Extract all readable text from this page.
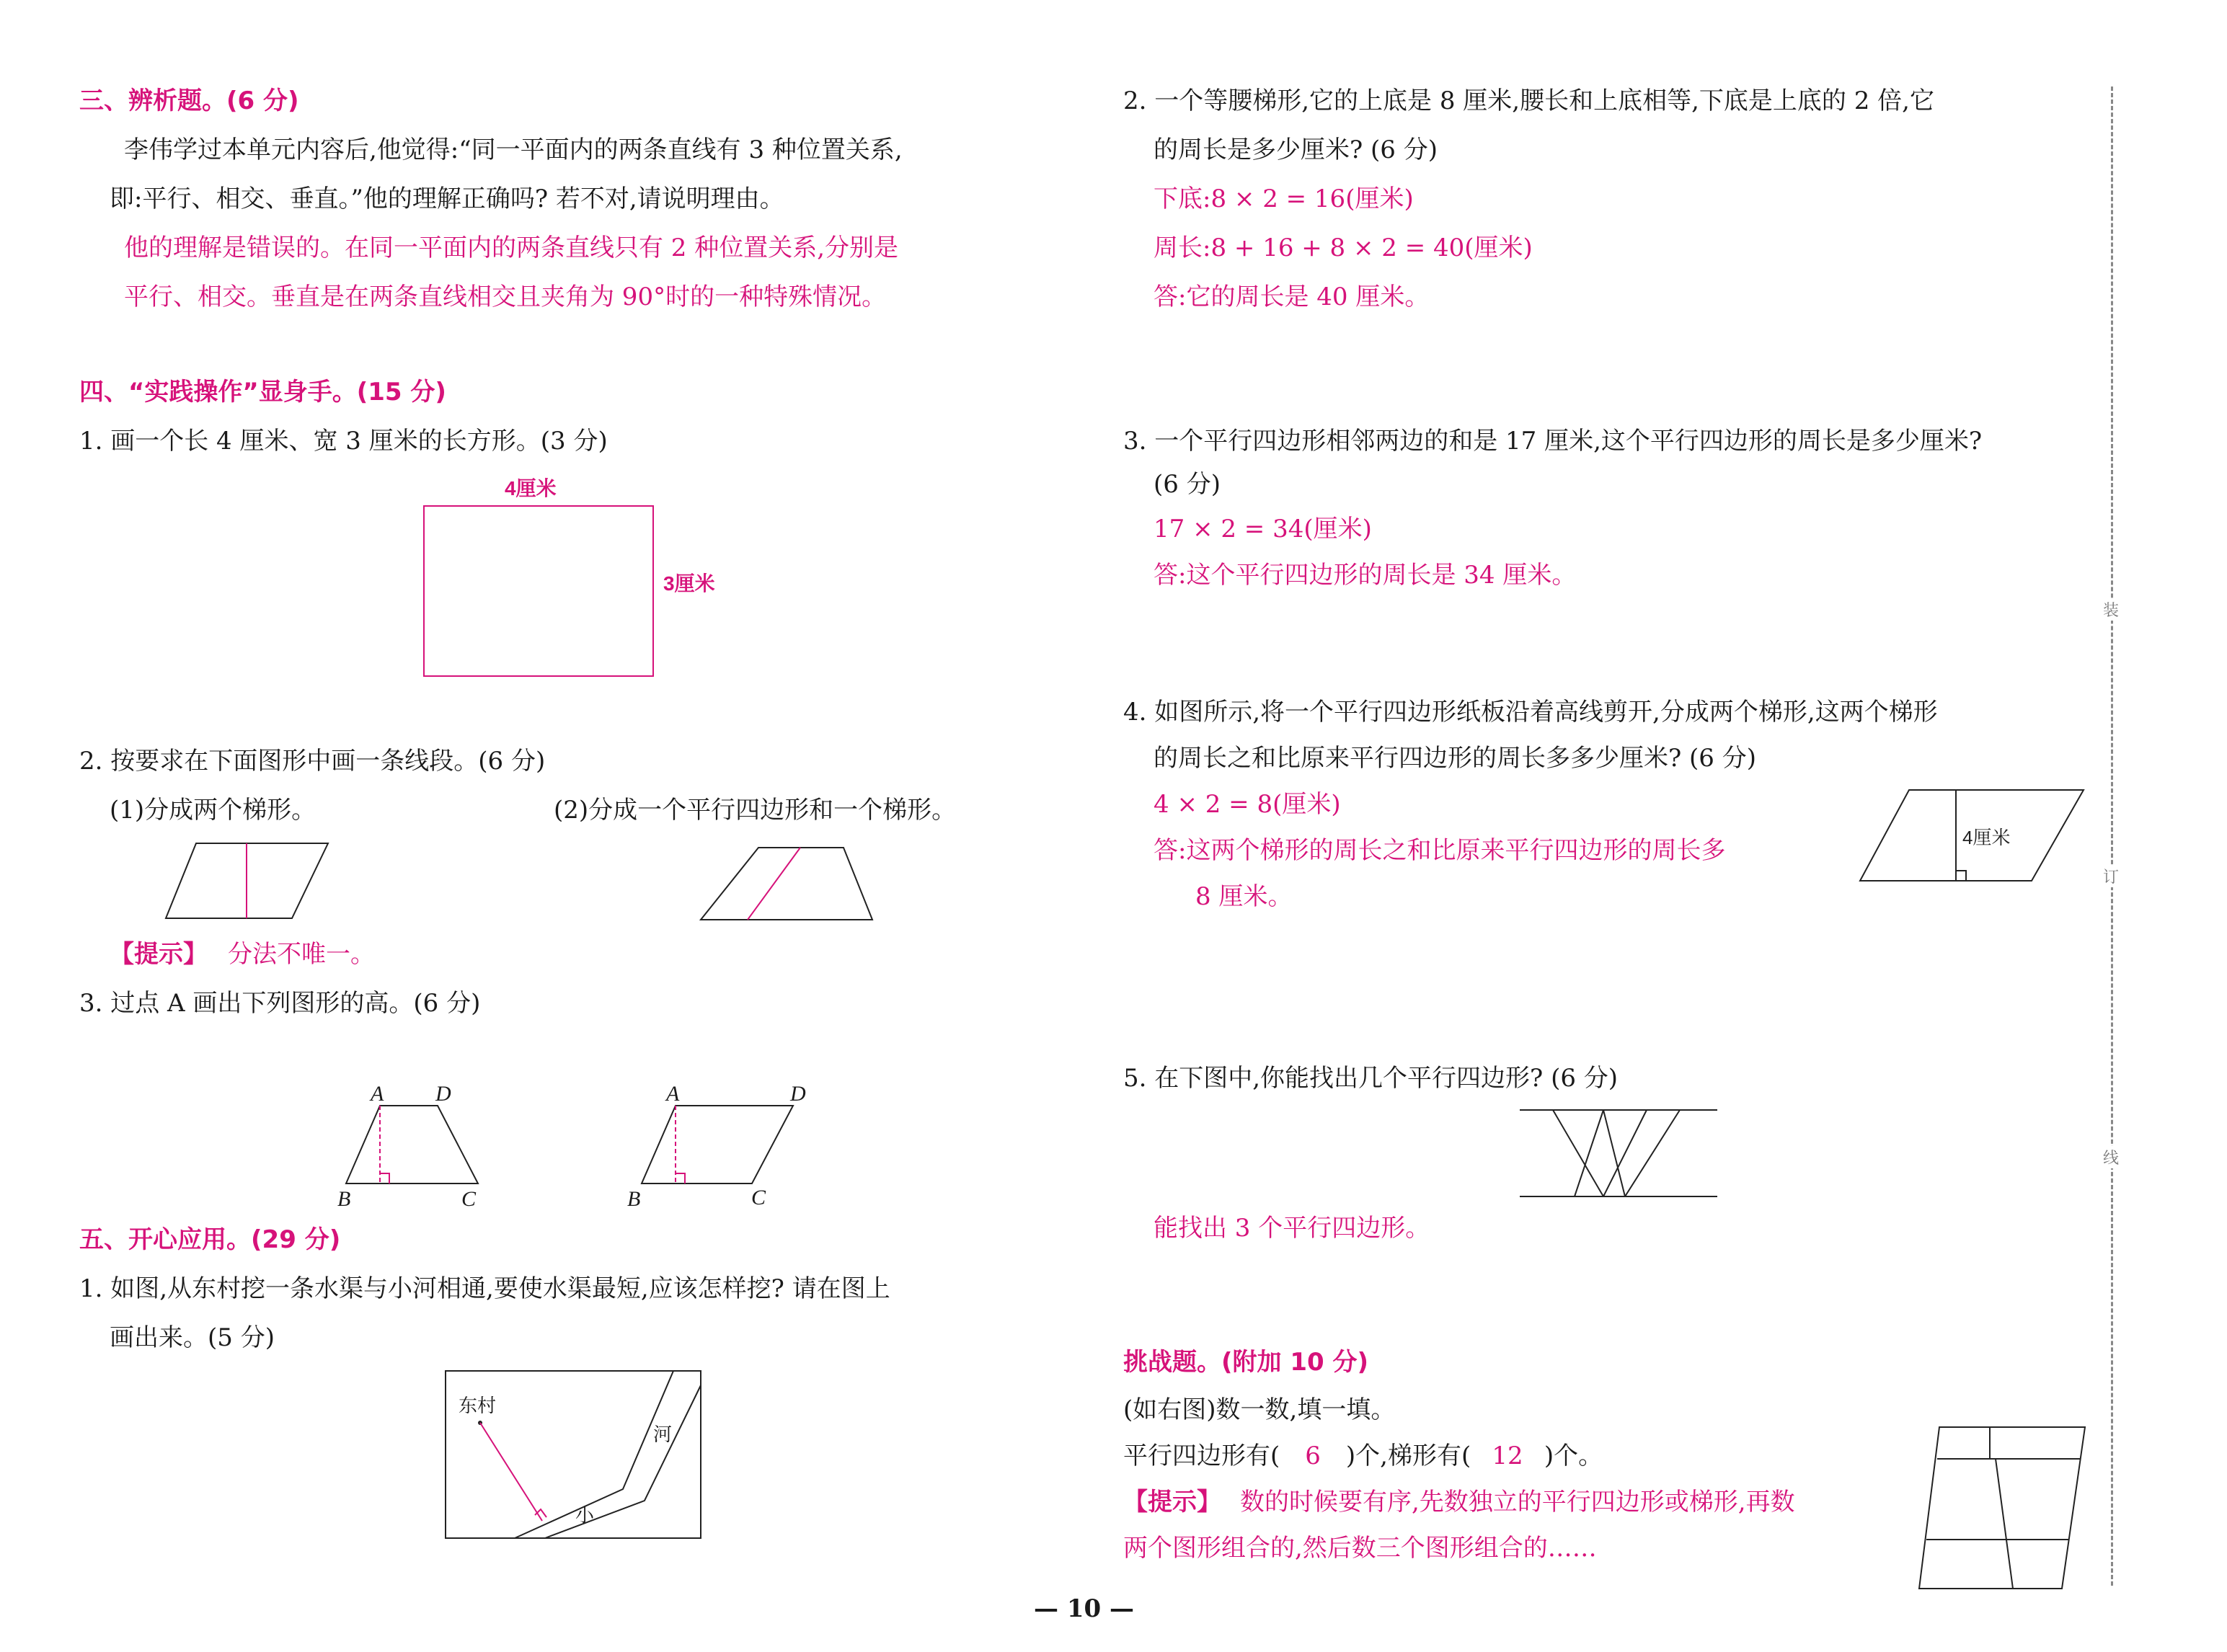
三、辨析题。(6 分)
李伟学过本单元内容后,他觉得:“同一平面内的两条直线有 3 种位置关系,
即:平行、相交、垂直。”他的理解正确吗? 若不对,请说明理由。
他的理解是错误的。在同一平面内的两条直线只有 2 种位置关系,分别是
平行、相交。垂直是在两条直线相交且夹角为 90°时的一种特殊情况。
四、“实践操作”显身手。(15 分)
1. 画一个长 4 厘米、宽 3 厘米的长方形。(3 分)
4厘米
3厘米
2. 按要求在下面图形中画一条线段。(6 分)
(1)分成两个梯形。	(2)分成一个平行四边形和一个梯形。
【提示】 分法不唯一。
3. 过点 A 画出下列图形的高。(6 分)
A D
B	C
A	D
B	C
五、开心应用。(29 分)
1. 如图,从东村挖一条水渠与小河相通,要使水渠最短,应该怎样挖? 请在图上
画出来。(5 分)
东村
河
小
2. 一个等腰梯形,它的上底是 8 厘米,腰长和上底相等,下底是上底的 2 倍,它
的周长是多少厘米? (6 分)
下底:8 × 2 = 16(厘米)
周长:8 + 16 + 8 × 2 = 40(厘米)
答:它的周长是 40 厘米。
3. 一个平行四边形相邻两边的和是 17 厘米,这个平行四边形的周长是多少厘米?
(6 分)
17 × 2 = 34(厘米)
答:这个平行四边形的周长是 34 厘米。
4. 如图所示,将一个平行四边形纸板沿着高线剪开,分成两个梯形,这两个梯形
的周长之和比原来平行四边形的周长多多少厘米? (6 分)
4 × 2 = 8(厘米)
答:这两个梯形的周长之和比原来平行四边形的周长多
8 厘米。
4厘米
5. 在下图中,你能找出几个平行四边形? (6 分)
能找出 3 个平行四边形。
挑战题。(附加 10 分)
(如右图)数一数,填一填。
平行四边形有( 6 )个,梯形有( 12 )个。
【提示】 数的时候要有序,先数独立的平行四边形或梯形,再数
两个图形组合的,然后数三个图形组合的……
— 10 —
装
订
线
